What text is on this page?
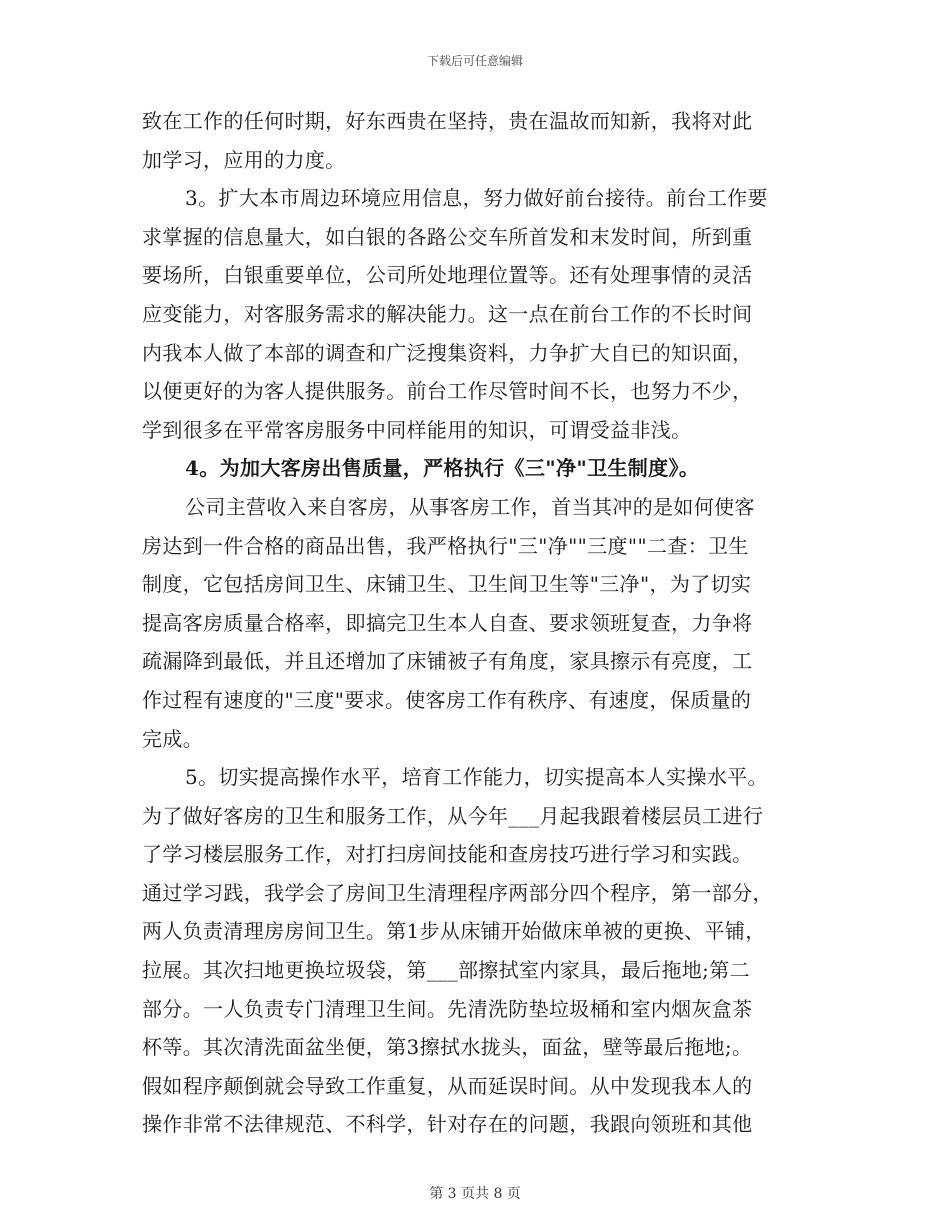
下载后可任意编辑
致在工作的任何时期，好东西贵在坚持，贵在温故而知新，我将对此
加学习，应用的力度。
3。扩大本市周边环境应用信息，努力做好前台接待。前台工作要
求掌握的信息量大，如白银的各路公交车所首发和末发时间，所到重
要场所，白银重要单位，公司所处地理位置等。还有处理事情的灵活
应变能力，对客服务需求的解决能力。这一点在前台工作的不长时间
内我本人做了本部的调查和广泛搜集资料，力争扩大自已的知识面，
以便更好的为客人提供服务。前台工作尽管时间不长，也努力不少，
学到很多在平常客房服务中同样能用的知识，可谓受益非浅。
4。为加大客房出售质量，严格执行《三"净"卫生制度》。
公司主营收入来自客房，从事客房工作，首当其冲的是如何使客
房达到一件合格的商品出售，我严格执行"三"净""三度""二查：卫生
制度，它包括房间卫生、床铺卫生、卫生间卫生等"三净"，为了切实
提高客房质量合格率，即搞完卫生本人自查、要求领班复查，力争将
疏漏降到最低，并且还增加了床铺被子有角度，家具擦示有亮度，工
作过程有速度的"三度"要求。使客房工作有秩序、有速度，保质量的
完成。
5。切实提高操作水平，培育工作能力，切实提高本人实操水平。
为了做好客房的卫生和服务工作，从今年___月起我跟着楼层员工进行
了学习楼层服务工作，对打扫房间技能和查房技巧进行学习和实践。
通过学习践，我学会了房间卫生清理程序两部分四个程序，第一部分，
两人负责清理房房间卫生。第1步从床铺开始做床单被的更换、平铺，
拉展。其次扫地更换垃圾袋，第___部擦拭室内家具，最后拖地;第二
部分。一人负责专门清理卫生间。先清洗防垫垃圾桶和室内烟灰盒茶
杯等。其次清洗面盆坐便，第3擦拭水拢头，面盆，壁等最后拖地;。
假如程序颠倒就会导致工作重复，从而延误时间。从中发现我本人的
操作非常不法律规范、不科学，针对存在的问题，我跟向领班和其他
第 3 页共 8 页
